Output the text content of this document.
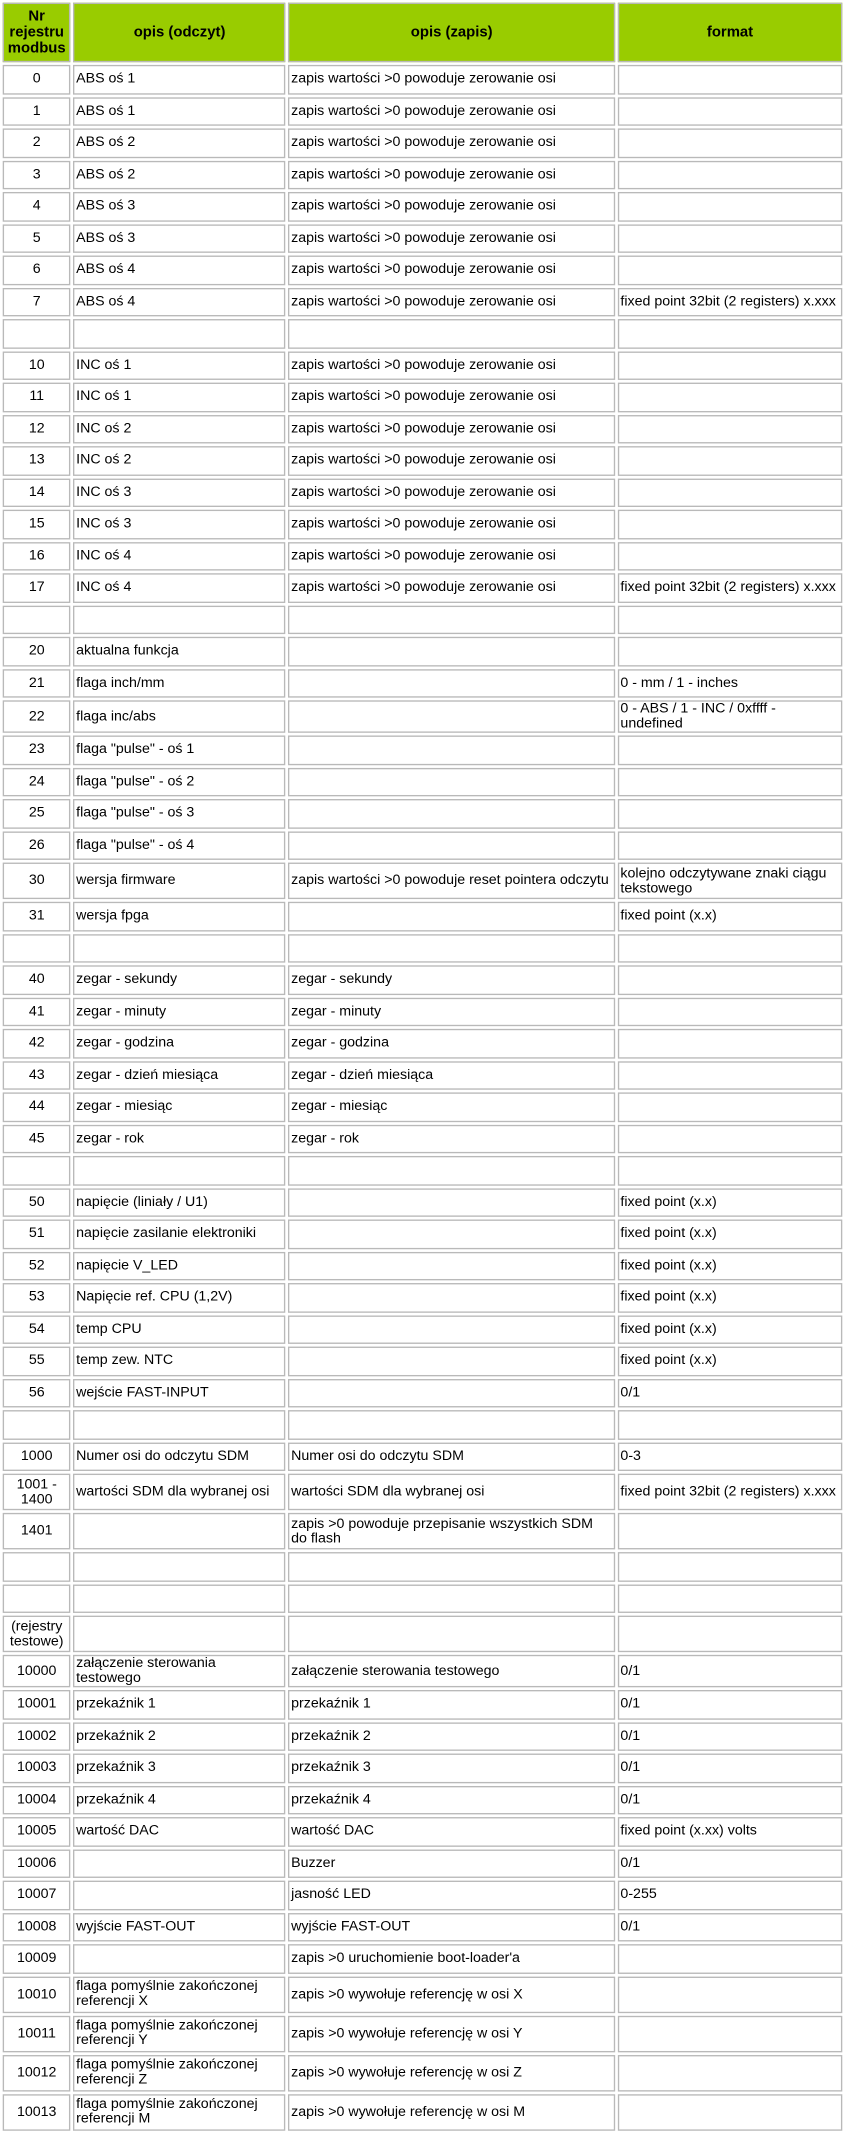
Nr rejestru modbus	opis (odczyt)	opis (zapis)	format
0	ABS oś 1	zapis wartości >0 powoduje zerowanie osi	
1	ABS oś 1	zapis wartości >0 powoduje zerowanie osi	
2	ABS oś 2	zapis wartości >0 powoduje zerowanie osi	
3	ABS oś 2	zapis wartości >0 powoduje zerowanie osi	
4	ABS oś 3	zapis wartości >0 powoduje zerowanie osi	
5	ABS oś 3	zapis wartości >0 powoduje zerowanie osi	
6	ABS oś 4	zapis wartości >0 powoduje zerowanie osi	
7	ABS oś 4	zapis wartości >0 powoduje zerowanie osi	fixed point 32bit (2 registers) x.xxx

10	INC oś 1	zapis wartości >0 powoduje zerowanie osi	
11	INC oś 1	zapis wartości >0 powoduje zerowanie osi	
12	INC oś 2	zapis wartości >0 powoduje zerowanie osi	
13	INC oś 2	zapis wartości >0 powoduje zerowanie osi	
14	INC oś 3	zapis wartości >0 powoduje zerowanie osi	
15	INC oś 3	zapis wartości >0 powoduje zerowanie osi	
16	INC oś 4	zapis wartości >0 powoduje zerowanie osi	
17	INC oś 4	zapis wartości >0 powoduje zerowanie osi	fixed point 32bit (2 registers) x.xxx

20	aktualna funkcja		
21	flaga inch/mm		0 - mm / 1 - inches
22	flaga inc/abs		0 - ABS / 1 - INC / 0xffff - undefined
23	flaga "pulse" - oś 1		
24	flaga "pulse" - oś 2		
25	flaga "pulse" - oś 3		
26	flaga "pulse" - oś 4		
30	wersja firmware	zapis wartości >0 powoduje reset pointera odczytu	kolejno odczytywane znaki ciągu tekstowego
31	wersja fpga		fixed point (x.x)

40	zegar - sekundy	zegar - sekundy	
41	zegar - minuty	zegar - minuty	
42	zegar - godzina	zegar - godzina	
43	zegar - dzień miesiąca	zegar - dzień miesiąca	
44	zegar - miesiąc	zegar - miesiąc	
45	zegar - rok	zegar - rok	

50	napięcie (liniały / U1)		fixed point (x.x)
51	napięcie zasilanie elektroniki		fixed point (x.x)
52	napięcie V_LED		fixed point (x.x)
53	Napięcie ref. CPU (1,2V)		fixed point (x.x)
54	temp CPU		fixed point (x.x)
55	temp zew. NTC		fixed point (x.x)
56	wejście FAST-INPUT		0/1

1000	Numer osi do odczytu SDM	Numer osi do odczytu SDM	0-3
1001 - 1400	wartości SDM dla wybranej osi	wartości SDM dla wybranej osi	fixed point 32bit (2 registers) x.xxx
1401		zapis >0 powoduje przepisanie wszystkich SDM do flash	

(rejestry testowe)			
10000	załączenie sterowania testowego	załączenie sterowania testowego	0/1
10001	przekaźnik 1	przekaźnik 1	0/1
10002	przekaźnik 2	przekaźnik 2	0/1
10003	przekaźnik 3	przekaźnik 3	0/1
10004	przekaźnik 4	przekaźnik 4	0/1
10005	wartość DAC	wartość DAC	fixed point (x.xx) volts
10006		Buzzer	0/1
10007		jasność LED	0-255
10008	wyjście FAST-OUT	wyjście FAST-OUT	0/1
10009		zapis >0 uruchomienie boot-loader'a	
10010	flaga pomyślnie zakończonej referencji X	zapis >0 wywołuje referencję w osi X	
10011	flaga pomyślnie zakończonej referencji Y	zapis >0 wywołuje referencję w osi Y	
10012	flaga pomyślnie zakończonej referencji Z	zapis >0 wywołuje referencję w osi Z	
10013	flaga pomyślnie zakończonej referencji M	zapis >0 wywołuje referencję w osi M	
